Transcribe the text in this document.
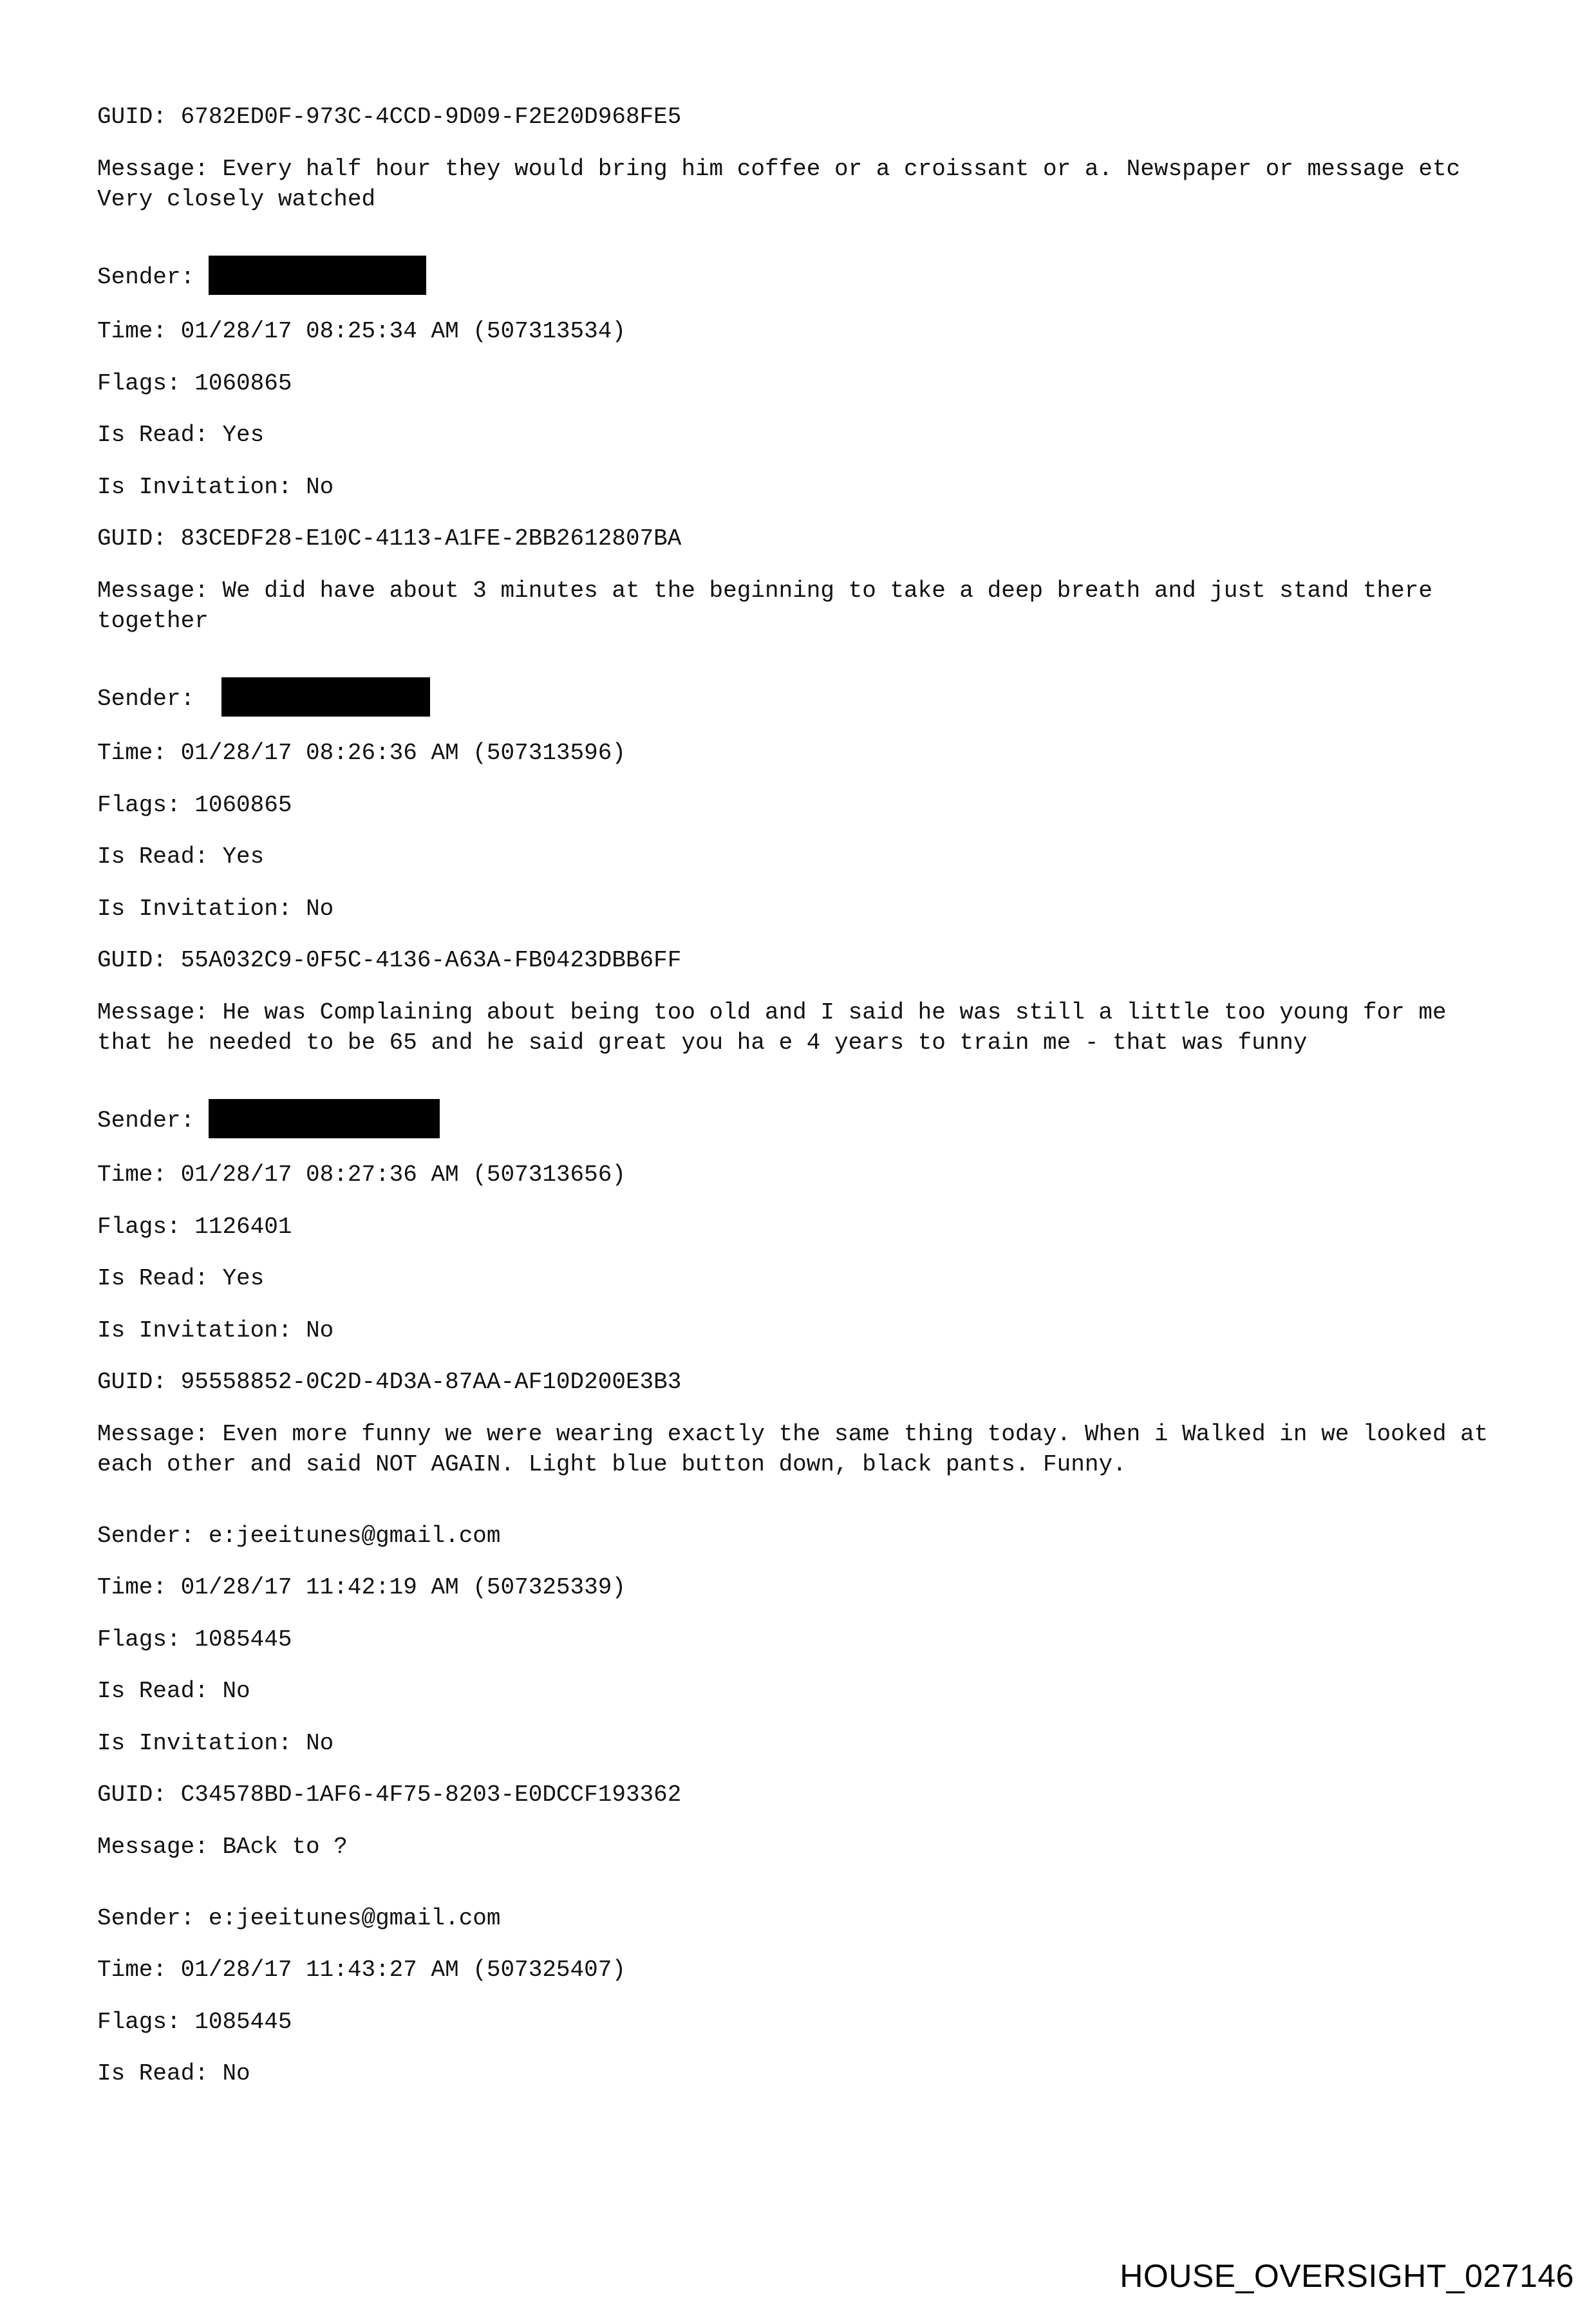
GUID: 6782ED0F-973C-4CCD-9D09-F2E20D968FE5
Message: Every half hour they would bring him coffee or a croissant or a. Newspaper or message etc  Very closely watched
Sender:
Time: 01/28/17 08:25:34 AM (507313534)
Flags: 1060865
Is Read: Yes
Is Invitation: No
GUID: 83CEDF28-E10C-4113-A1FE-2BB2612807BA
Message: We did have about 3 minutes at the beginning to take a deep breath and just stand there together
Sender:
Time: 01/28/17 08:26:36 AM (507313596)
Flags: 1060865
Is Read: Yes
Is Invitation: No
GUID: 55A032C9-0F5C-4136-A63A-FB0423DBB6FF
Message: He was Complaining about being too old and I said he was still a little too young for me that he needed to be 65 and he said great you ha e 4 years to train me - that was funny
Sender:
Time: 01/28/17 08:27:36 AM (507313656)
Flags: 1126401
Is Read: Yes
Is Invitation: No
GUID: 95558852-0C2D-4D3A-87AA-AF10D200E3B3
Message: Even more funny we were wearing exactly the same thing today. When i Walked in we looked at each other and said NOT AGAIN. Light blue button down, black pants. Funny.
Sender: e:jeeitunes@gmail.com
Time: 01/28/17 11:42:19 AM (507325339)
Flags: 1085445
Is Read: No
Is Invitation: No
GUID: C34578BD-1AF6-4F75-8203-E0DCCF193362
Message: BAck to ?
Sender: e:jeeitunes@gmail.com
Time: 01/28/17 11:43:27 AM (507325407)
Flags: 1085445
Is Read: No
HOUSE_OVERSIGHT_027146
